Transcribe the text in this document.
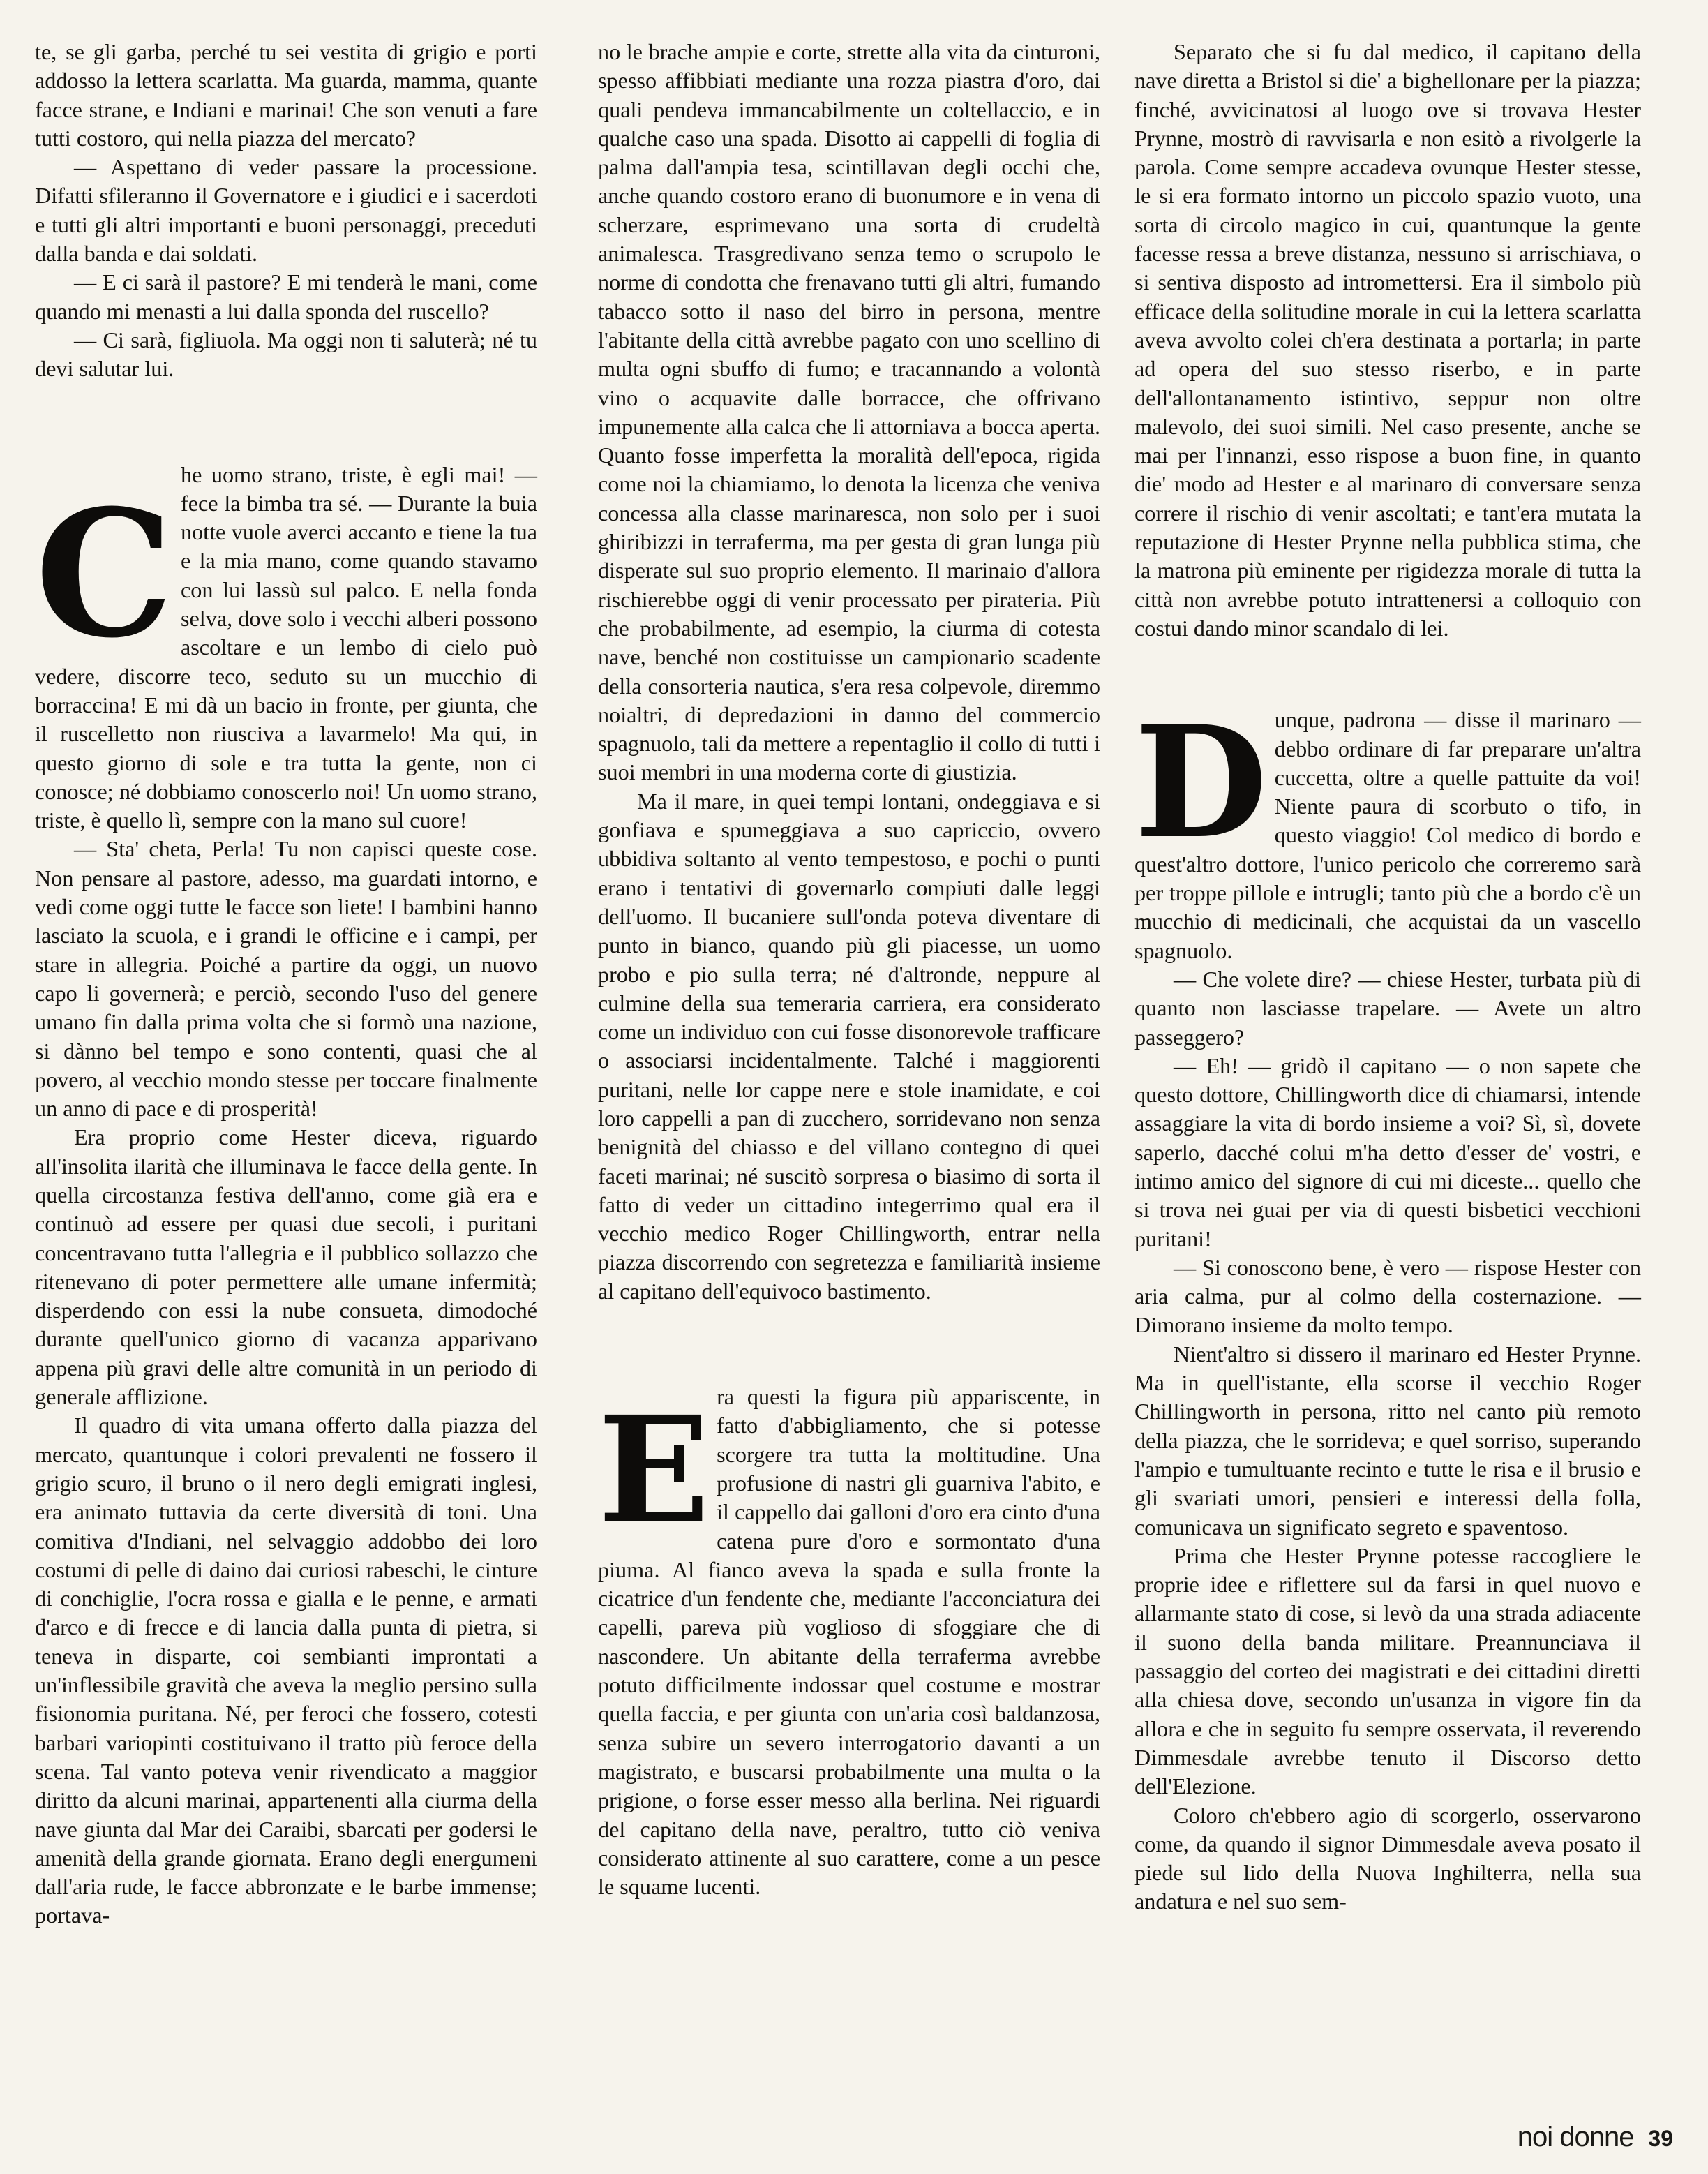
te, se gli garba, perché tu sei vestita di grigio e porti addosso la lettera scarlatta. Ma guarda, mamma, quante facce strane, e Indiani e marinai! Che son venuti a fare tutti costoro, qui nella piazza del mercato?

— Aspettano di veder passare la processione. Difatti sfileranno il Governatore e i giudici e i sacerdoti e tutti gli altri importanti e buoni personaggi, preceduti dalla banda e dai soldati.

— E ci sarà il pastore? E mi tenderà le mani, come quando mi menasti a lui dalla sponda del ruscello?

— Ci sarà, figliuola. Ma oggi non ti saluterà; né tu devi salutar lui.

C he uomo strano, triste, è egli mai! — fece la bimba tra sé. — Durante la buia notte vuole averci accanto e tiene la tua e la mia mano, come quando stavamo con lui lassù sul palco. E nella fonda selva, dove solo i vecchi alberi possono ascoltare e un lembo di cielo può vedere, discorre teco, seduto su un mucchio di borraccina! E mi dà un bacio in fronte, per giunta, che il ruscelletto non riusciva a lavarmelo! Ma qui, in questo giorno di sole e tra tutta la gente, non ci conosce; né dobbiamo conoscerlo noi! Un uomo strano, triste, è quello lì, sempre con la mano sul cuore!

— Sta' cheta, Perla! Tu non capisci queste cose. Non pensare al pastore, adesso, ma guardati intorno, e vedi come oggi tutte le facce son liete! I bambini hanno lasciato la scuola, e i grandi le officine e i campi, per stare in allegria. Poiché a partire da oggi, un nuovo capo li governerà; e perciò, secondo l'uso del genere umano fin dalla prima volta che si formò una nazione, si dànno bel tempo e sono contenti, quasi che al povero, al vecchio mondo stesse per toccare finalmente un anno di pace e di prosperità!

Era proprio come Hester diceva, riguardo all'insolita ilarità che illuminava le facce della gente. In quella circostanza festiva dell'anno, come già era e continuò ad essere per quasi due secoli, i puritani concentravano tutta l'allegria e il pubblico sollazzo che ritenevano di poter permettere alle umane infermità; disperdendo con essi la nube consueta, dimodoché durante quell'unico giorno di vacanza apparivano appena più gravi delle altre comunità in un periodo di generale afflizione.

Il quadro di vita umana offerto dalla piazza del mercato, quantunque i colori prevalenti ne fossero il grigio scuro, il bruno o il nero degli emigrati inglesi, era animato tuttavia da certe diversità di toni. Una comitiva d'Indiani, nel selvaggio addobbo dei loro costumi di pelle di daino dai curiosi rabeschi, le cinture di conchiglie, l'ocra rossa e gialla e le penne, e armati d'arco e di frecce e di lancia dalla punta di pietra, si teneva in disparte, coi sembianti improntati a un'inflessibile gravità che aveva la meglio persino sulla fisionomia puritana. Né, per feroci che fossero, cotesti barbari variopinti costituivano il tratto più feroce della scena. Tal vanto poteva venir rivendicato a maggior diritto da alcuni marinai, appartenenti alla ciurma della nave giunta dal Mar dei Caraibi, sbarcati per godersi le amenità della grande giornata. Erano degli energumeni dall'aria rude, le facce abbronzate e le barbe immense; portava-

no le brache ampie e corte, strette alla vita da cinturoni, spesso affibbiati mediante una rozza piastra d'oro, dai quali pendeva immancabilmente un coltellaccio, e in qualche caso una spada. Disotto ai cappelli di foglia di palma dall'ampia tesa, scintillavan degli occhi che, anche quando costoro erano di buonumore e in vena di scherzare, esprimevano una sorta di crudeltà animalesca. Trasgredivano senza temo o scrupolo le norme di condotta che frenavano tutti gli altri, fumando tabacco sotto il naso del birro in persona, mentre l'abitante della città avrebbe pagato con uno scellino di multa ogni sbuffo di fumo; e tracannando a volontà vino o acquavite dalle borracce, che offrivano impunemente alla calca che li attorniava a bocca aperta. Quanto fosse imperfetta la moralità dell'epoca, rigida come noi la chiamiamo, lo denota la licenza che veniva concessa alla classe marinaresca, non solo per i suoi ghiribizzi in terraferma, ma per gesta di gran lunga più disperate sul suo proprio elemento. Il marinaio d'allora rischierebbe oggi di venir processato per pirateria. Più che probabilmente, ad esempio, la ciurma di cotesta nave, benché non costituisse un campionario scadente della consorteria nautica, s'era resa colpevole, diremmo noialtri, di depredazioni in danno del commercio spagnuolo, tali da mettere a repentaglio il collo di tutti i suoi membri in una moderna corte di giustizia.

Ma il mare, in quei tempi lontani, ondeggiava e si gonfiava e spumeggiava a suo capriccio, ovvero ubbidiva soltanto al vento tempestoso, e pochi o punti erano i tentativi di governarlo compiuti dalle leggi dell'uomo. Il bucaniere sull'onda poteva diventare di punto in bianco, quando più gli piacesse, un uomo probo e pio sulla terra; né d'altronde, neppure al culmine della sua temeraria carriera, era considerato come un individuo con cui fosse disonorevole trafficare o associarsi incidentalmente. Talché i maggiorenti puritani, nelle lor cappe nere e stole inamidate, e coi loro cappelli a pan di zucchero, sorridevano non senza benignità del chiasso e del villano contegno di quei faceti marinai; né suscitò sorpresa o biasimo di sorta il fatto di veder un cittadino integerrimo qual era il vecchio medico Roger Chillingworth, entrar nella piazza discorrendo con segretezza e familiarità insieme al capitano dell'equivoco bastimento.

E ra questi la figura più appariscente, in fatto d'abbigliamento, che si potesse scorgere tra tutta la moltitudine. Una profusione di nastri gli guarniva l'abito, e il cappello dai galloni d'oro era cinto d'una catena pure d'oro e sormontato d'una piuma. Al fianco aveva la spada e sulla fronte la cicatrice d'un fendente che, mediante l'acconciatura dei capelli, pareva più voglioso di sfoggiare che di nascondere. Un abitante della terraferma avrebbe potuto difficilmente indossar quel costume e mostrar quella faccia, e per giunta con un'aria così baldanzosa, senza subire un severo interrogatorio davanti a un magistrato, e buscarsi probabilmente una multa o la prigione, o forse esser messo alla berlina. Nei riguardi del capitano della nave, peraltro, tutto ciò veniva considerato attinente al suo carattere, come a un pesce le squame lucenti.

Separato che si fu dal medico, il capitano della nave diretta a Bristol si die' a bighellonare per la piazza; finché, avvicinatosi al luogo ove si trovava Hester Prynne, mostrò di ravvisarla e non esitò a rivolgerle la parola. Come sempre accadeva ovunque Hester stesse, le si era formato intorno un piccolo spazio vuoto, una sorta di circolo magico in cui, quantunque la gente facesse ressa a breve distanza, nessuno si arrischiava, o si sentiva disposto ad intromettersi. Era il simbolo più efficace della solitudine morale in cui la lettera scarlatta aveva avvolto colei ch'era destinata a portarla; in parte ad opera del suo stesso riserbo, e in parte dell'allontanamento istintivo, seppur non oltre malevolo, dei suoi simili. Nel caso presente, anche se mai per l'innanzi, esso rispose a buon fine, in quanto die' modo ad Hester e al marinaro di conversare senza correre il rischio di venir ascoltati; e tant'era mutata la reputazione di Hester Prynne nella pubblica stima, che la matrona più eminente per rigidezza morale di tutta la città non avrebbe potuto intrattenersi a colloquio con costui dando minor scandalo di lei.

D unque, padrona — disse il marinaro — debbo ordinare di far preparare un'altra cuccetta, oltre a quelle pattuite da voi! Niente paura di scorbuto o tifo, in questo viaggio! Col medico di bordo e quest'altro dottore, l'unico pericolo che correremo sarà per troppe pillole e intrugli; tanto più che a bordo c'è un mucchio di medicinali, che acquistai da un vascello spagnuolo.

— Che volete dire? — chiese Hester, turbata più di quanto non lasciasse trapelare. — Avete un altro passeggero?

— Eh! — gridò il capitano — o non sapete che questo dottore, Chillingworth dice di chiamarsi, intende assaggiare la vita di bordo insieme a voi? Sì, sì, dovete saperlo, dacché colui m'ha detto d'esser de' vostri, e intimo amico del signore di cui mi diceste... quello che si trova nei guai per via di questi bisbetici vecchioni puritani!

— Si conoscono bene, è vero — rispose Hester con aria calma, pur al colmo della costernazione. — Dimorano insieme da molto tempo.

Nient'altro si dissero il marinaro ed Hester Prynne. Ma in quell'istante, ella scorse il vecchio Roger Chillingworth in persona, ritto nel canto più remoto della piazza, che le sorrideva; e quel sorriso, superando l'ampio e tumultuante recinto e tutte le risa e il brusio e gli svariati umori, pensieri e interessi della folla, comunicava un significato segreto e spaventoso.

Prima che Hester Prynne potesse raccogliere le proprie idee e riflettere sul da farsi in quel nuovo e allarmante stato di cose, si levò da una strada adiacente il suono della banda militare. Preannunciava il passaggio del corteo dei magistrati e dei cittadini diretti alla chiesa dove, secondo un'usanza in vigore fin da allora e che in seguito fu sempre osservata, il reverendo Dimmesdale avrebbe tenuto il Discorso detto dell'Elezione.

Coloro ch'ebbero agio di scorgerlo, osservarono come, da quando il signor Dimmesdale aveva posato il piede sul lido della Nuova Inghilterra, nella sua andatura e nel suo sem-

noi donne 39
